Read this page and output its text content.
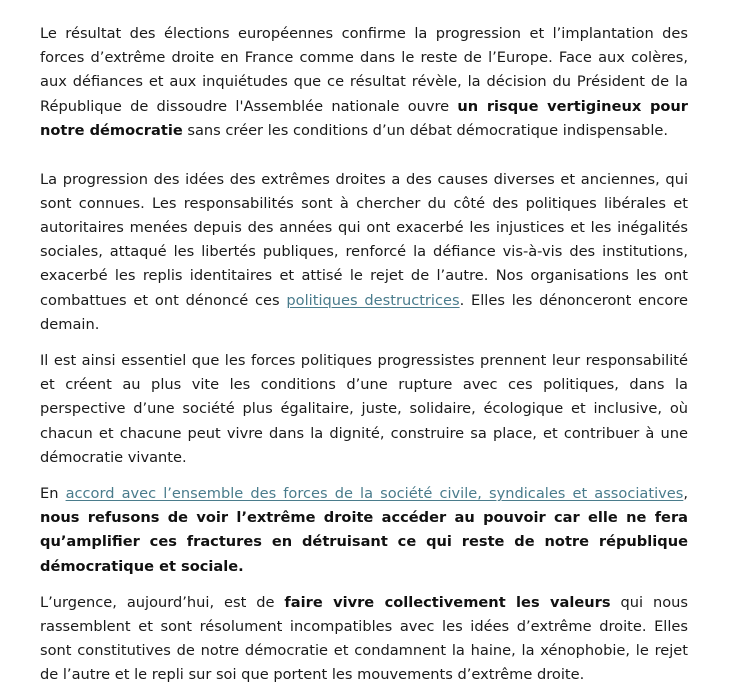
Le résultat des élections européennes confirme la progression et l’implantation des forces d’extrême droite en France comme dans le reste de l’Europe. Face aux colères, aux défiances et aux inquiétudes que ce résultat révèle, la décision du Président de la République de dissoudre l'Assemblée nationale ouvre un risque vertigineux pour notre démocratie sans créer les conditions d’un débat démocratique indispensable.

La progression des idées des extrêmes droites a des causes diverses et anciennes, qui sont connues. Les responsabilités sont à chercher du côté des politiques libérales et autoritaires menées depuis des années qui ont exacerbé les injustices et les inégalités sociales, attaqué les libertés publiques, renforcé la défiance vis-à-vis des institutions, exacerbé les replis identitaires et attisé le rejet de l’autre. Nos organisations les ont combattues et ont dénoncé ces politiques destructrices. Elles les dénonceront encore demain.

Il est ainsi essentiel que les forces politiques progressistes prennent leur responsabilité et créent au plus vite les conditions d’une rupture avec ces politiques, dans la perspective d’une société plus égalitaire, juste, solidaire, écologique et inclusive, où chacun et chacune peut vivre dans la dignité, construire sa place, et contribuer à une démocratie vivante.

En accord avec l’ensemble des forces de la société civile, syndicales et associatives, nous refusons de voir l’extrême droite accéder au pouvoir car elle ne fera qu’amplifier ces fractures en détruisant ce qui reste de notre république démocratique et sociale.

L’urgence, aujourd’hui, est de faire vivre collectivement les valeurs qui nous rassemblent et sont résolument incompatibles avec les idées d’extrême droite. Elles sont constitutives de notre démocratie et condamnent la haine, la xénophobie, le rejet de l’autre et le repli sur soi que portent les mouvements d’extrême droite.
